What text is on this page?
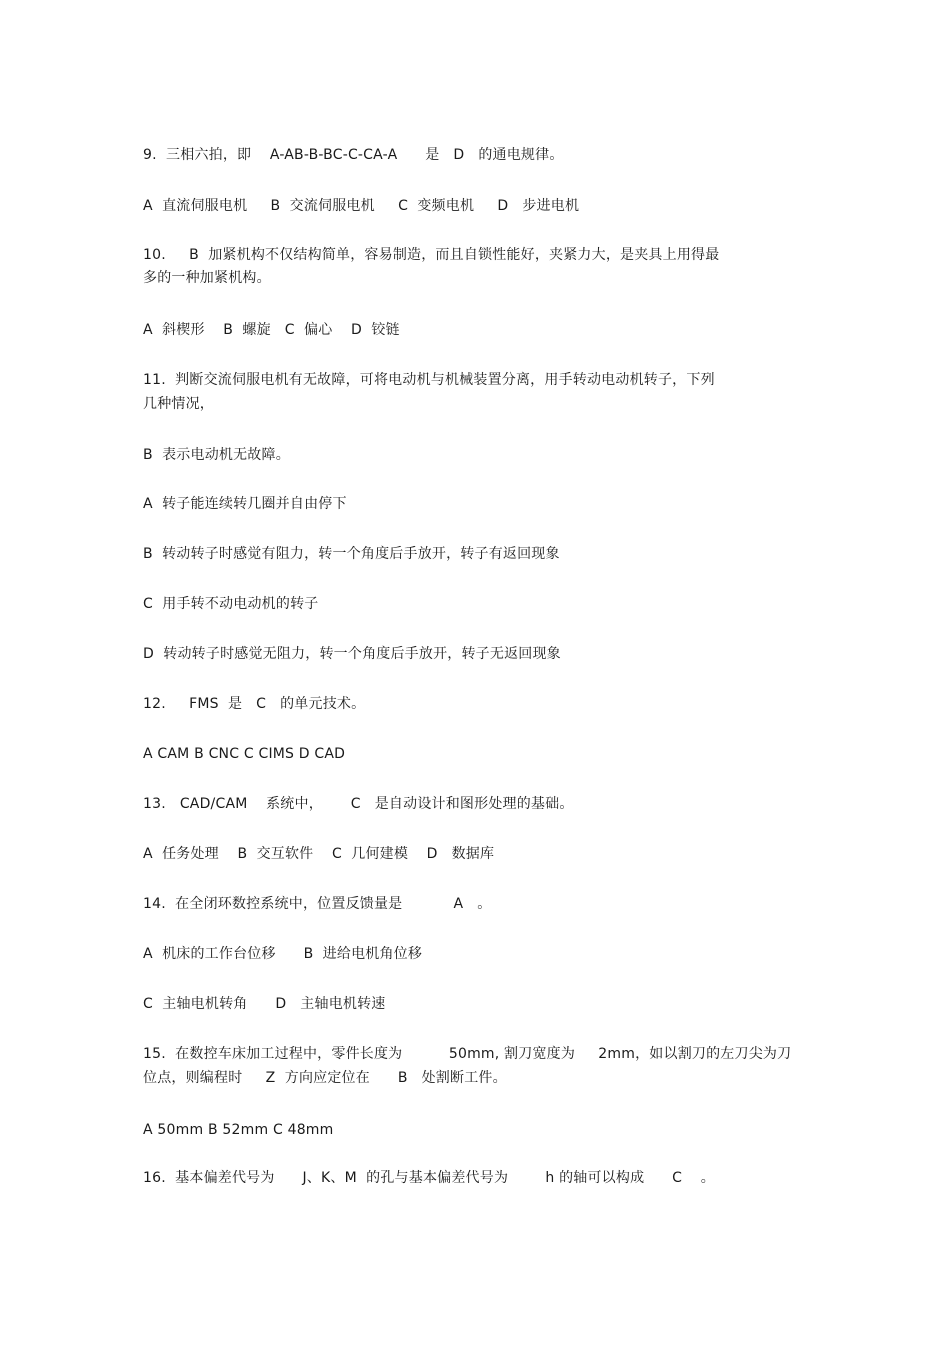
9.  三相六拍，即    A-AB-B-BC-C-CA-A      是   D   的通电规律。
A  直流伺服电机     B  交流伺服电机     C  变频电机     D   步进电机
10.     B  加紧机构不仅结构简单，容易制造，而且自锁性能好，夹紧力大，是夹具上用得最
多的一种加紧机构。
A  斜楔形    B  螺旋   C  偏心    D  铰链
11.  判断交流伺服电机有无故障，可将电动机与机械装置分离，用手转动电动机转子，下列
几种情况，
B  表示电动机无故障。
A  转子能连续转几圈并自由停下
B  转动转子时感觉有阻力，转一个角度后手放开，转子有返回现象
C  用手转不动电动机的转子
D  转动转子时感觉无阻力，转一个角度后手放开，转子无返回现象
12.     FMS  是   C   的单元技术。
A CAM B CNC C CIMS D CAD
13.   CAD/CAM    系统中，      C   是自动设计和图形处理的基础。
A  任务处理    B  交互软件    C  几何建模    D   数据库
14.  在全闭环数控系统中，位置反馈量是           A   。
A  机床的工作台位移      B  进给电机角位移
C  主轴电机转角      D   主轴电机转速
15.  在数控车床加工过程中，零件长度为          50mm, 割刀宽度为     2mm，如以割刀的左刀尖为刀
位点，则编程时     Z  方向应定位在      B   处割断工件。
A 50mm B 52mm C 48mm
16.  基本偏差代号为      J、K、M  的孔与基本偏差代号为        h 的轴可以构成      C    。
